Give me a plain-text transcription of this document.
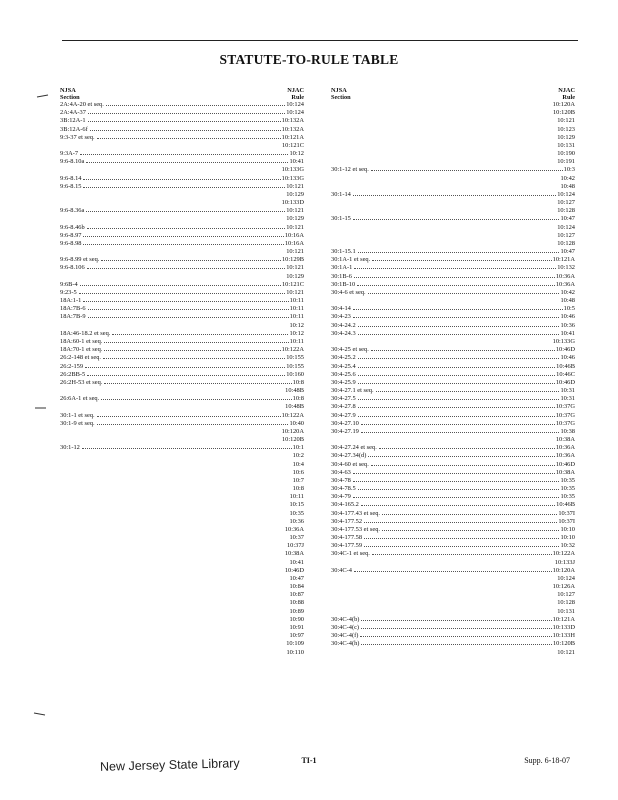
STATUTE-TO-RULE TABLE
NJSA
Section
NJAC
Rule
2A:4A-20 et seq.	10:124
2A:4A-37	10:124
3B:12A-1	10:132A
3B:12A-6f	10:132A
9:3-37 et seq.	10:121A
10:121C
9:3A-7	10:12
9:6-8.10a	10:41
10:133G
9:6-8.14	10:133G
9:6-8.15	10:121
10:129
10:133D
9:6-8.36a	10:121
10:129
9:6-8.46b	10:121
9:6-8.97	10:16A
9:6-8.98	10:16A
10:121
9:6-8.99 et seq.	10:129B
9:6-8.106	10:121
10:129
9:6B-4	10:121C
9:23-5	10:121
18A:1-1	10:11
18A:7B-6	10:11
18A:7B-9	10:11
10:12
18A:46-18.2 et seq.	10:12
18A:60-1 et seq.	10:11
18A:70-1 et seq.	10:122A
26:2-148 et seq.	10:155
26:2-159	10:155
26:2BB-5	10:160
26:2H-53 et seq.	10:8
10:48B
26:6A-1 et seq.	10:8
10:48B
30:1-1 et seq.	10:122A
30:1-9 et seq.	10:40
10:120A
10:120B
30:1-12	10:1
10:2
10:4
10:6
10:7
10:8
10:11
10:15
10:35
10:36
10:36A
10:37
10:37J
10:38A
10:41
10:46D
10:47
10:84
10:87
10:88
10:89
10:90
10:91
10:97
10:109
10:110
NJSA
Section
NJAC
Rule
10:120A
10:120B
10:121
10:123
10:129
10:131
10:190
10:191
30:1-12 et seq.	10:3
10:42
10:48
30:1-14	10:124
10:127
10:128
30:1-15	10:47
10:124
10:127
10:128
30:1-15.1	10:47
30:1A-1 et seq.	10:121A
30:1A-1	10:132
30:1B-6	10:36A
30:1B-10	10:36A
30:4-6 et seq.	10:42
10:48
30:4-14	10:5
30:4-23	10:46
30:4-24.2	10:36
30:4-24.3	10:41
10:133G
30:4-25 et seq.	10:46D
30:4-25.2	10:46
30:4-25.4	10:46B
30:4-25.6	10:46C
30:4-25.9	10:46D
30:4-27.1 et seq.	10:31
30:4-27.5	10:31
30:4-27.8	10:37G
30:4-27.9	10:37G
30:4-27.10	10:37G
30:4-27.19	10:38
10:38A
30:4-27.24 et seq.	10:36A
30:4-27.34(d)	10:36A
30:4-60 et seq.	10:46D
30:4-63	10:38A
30:4-78	10:35
30:4-78.5	10:35
30:4-79	10:35
30:4-165.2	10:46B
30:4-177.43 et seq.	10:37I
30:4-177.52	10:37I
30:4-177.53 et seq.	10:10
30:4-177.58	10:10
30:4-177.59	10:32
30:4C-1 et seq.	10:122A
10:133J
30:4C-4	10:120A
10:124
10:126A
10:127
10:128
10:131
30:4C-4(b)	10:121A
30:4C-4(c)	10:133D
30:4C-4(f)	10:133H
30:4C-4(h)	10:120B
10:121
TI-1	Supp. 6-18-07
New Jersey State Library
